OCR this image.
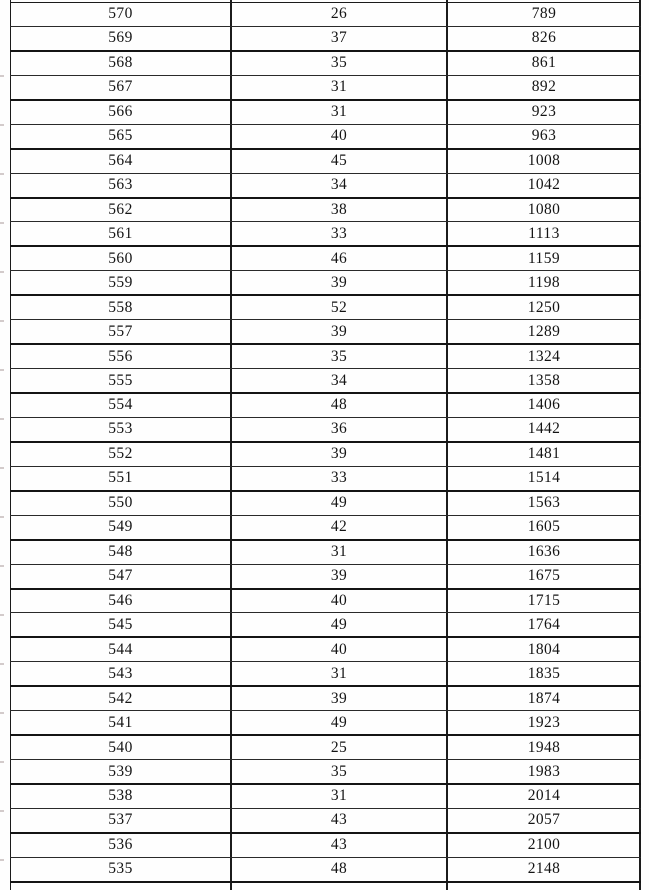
570	26	789
569	37	826
568	35	861
567	31	892
566	31	923
565	40	963
564	45	1008
563	34	1042
562	38	1080
561	33	1113
560	46	1159
559	39	1198
558	52	1250
557	39	1289
556	35	1324
555	34	1358
554	48	1406
553	36	1442
552	39	1481
551	33	1514
550	49	1563
549	42	1605
548	31	1636
547	39	1675
546	40	1715
545	49	1764
544	40	1804
543	31	1835
542	39	1874
541	49	1923
540	25	1948
539	35	1983
538	31	2014
537	43	2057
536	43	2100
535	48	2148
